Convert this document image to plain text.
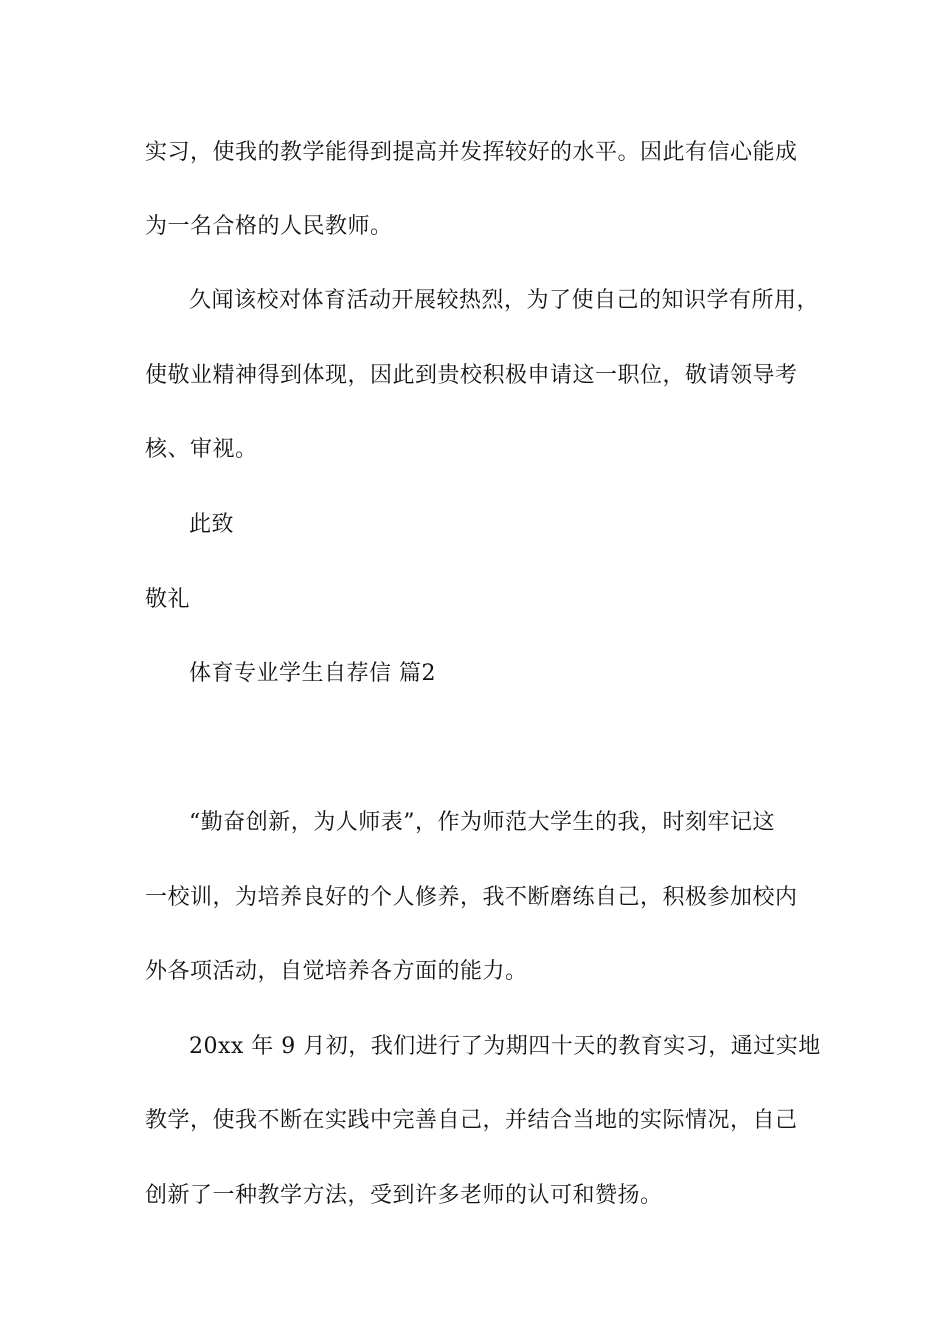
实习，使我的教学能得到提高并发挥较好的水平。因此有信心能成
为一名合格的人民教师。
久闻该校对体育活动开展较热烈，为了使自己的知识学有所用，
使敬业精神得到体现，因此到贵校积极申请这一职位，敬请领导考
核、审视。
此致
敬礼
体育专业学生自荐信 篇2
“勤奋创新，为人师表”，作为师范大学生的我，时刻牢记这
一校训，为培养良好的个人修养，我不断磨练自己，积极参加校内
外各项活动，自觉培养各方面的能力。
20xx 年 9 月初，我们进行了为期四十天的教育实习，通过实地
教学，使我不断在实践中完善自己，并结合当地的实际情况，自己
创新了一种教学方法，受到许多老师的认可和赞扬。
